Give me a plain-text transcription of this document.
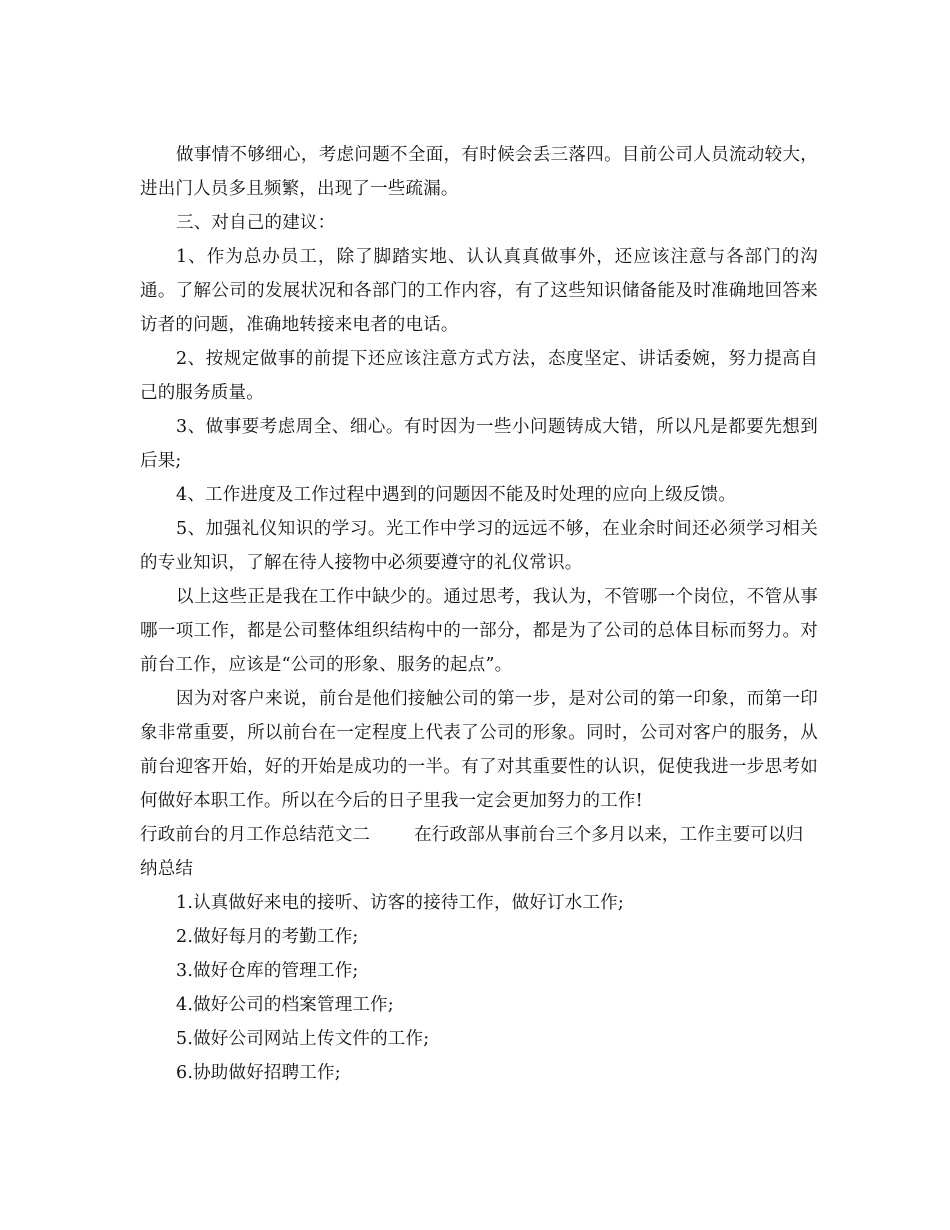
做事情不够细心，考虑问题不全面，有时候会丢三落四。目前公司人员流动较大，进出门人员多且频繁，出现了一些疏漏。

三、对自己的建议：

1、作为总办员工，除了脚踏实地、认认真真做事外，还应该注意与各部门的沟通。了解公司的发展状况和各部门的工作内容，有了这些知识储备能及时准确地回答来访者的问题，准确地转接来电者的电话。

2、按规定做事的前提下还应该注意方式方法，态度坚定、讲话委婉，努力提高自己的服务质量。

3、做事要考虑周全、细心。有时因为一些小问题铸成大错，所以凡是都要先想到后果;

4、工作进度及工作过程中遇到的问题因不能及时处理的应向上级反馈。

5、加强礼仪知识的学习。光工作中学习的远远不够，在业余时间还必须学习相关的专业知识，了解在待人接物中必须要遵守的礼仪常识。

以上这些正是我在工作中缺少的。通过思考，我认为，不管哪一个岗位，不管从事哪一项工作，都是公司整体组织结构中的一部分，都是为了公司的总体目标而努力。对前台工作，应该是“公司的形象、服务的起点”。

因为对客户来说，前台是他们接触公司的第一步，是对公司的第一印象，而第一印象非常重要，所以前台在一定程度上代表了公司的形象。同时，公司对客户的服务，从前台迎客开始，好的开始是成功的一半。有了对其重要性的认识，促使我进一步思考如何做好本职工作。所以在今后的日子里我一定会更加努力的工作!

行政前台的月工作总结范文二	在行政部从事前台三个多月以来，工作主要可以归纳总结

1.认真做好来电的接听、访客的接待工作，做好订水工作;

2.做好每月的考勤工作;

3.做好仓库的管理工作;

4.做好公司的档案管理工作;

5.做好公司网站上传文件的工作;

6.协助做好招聘工作;
